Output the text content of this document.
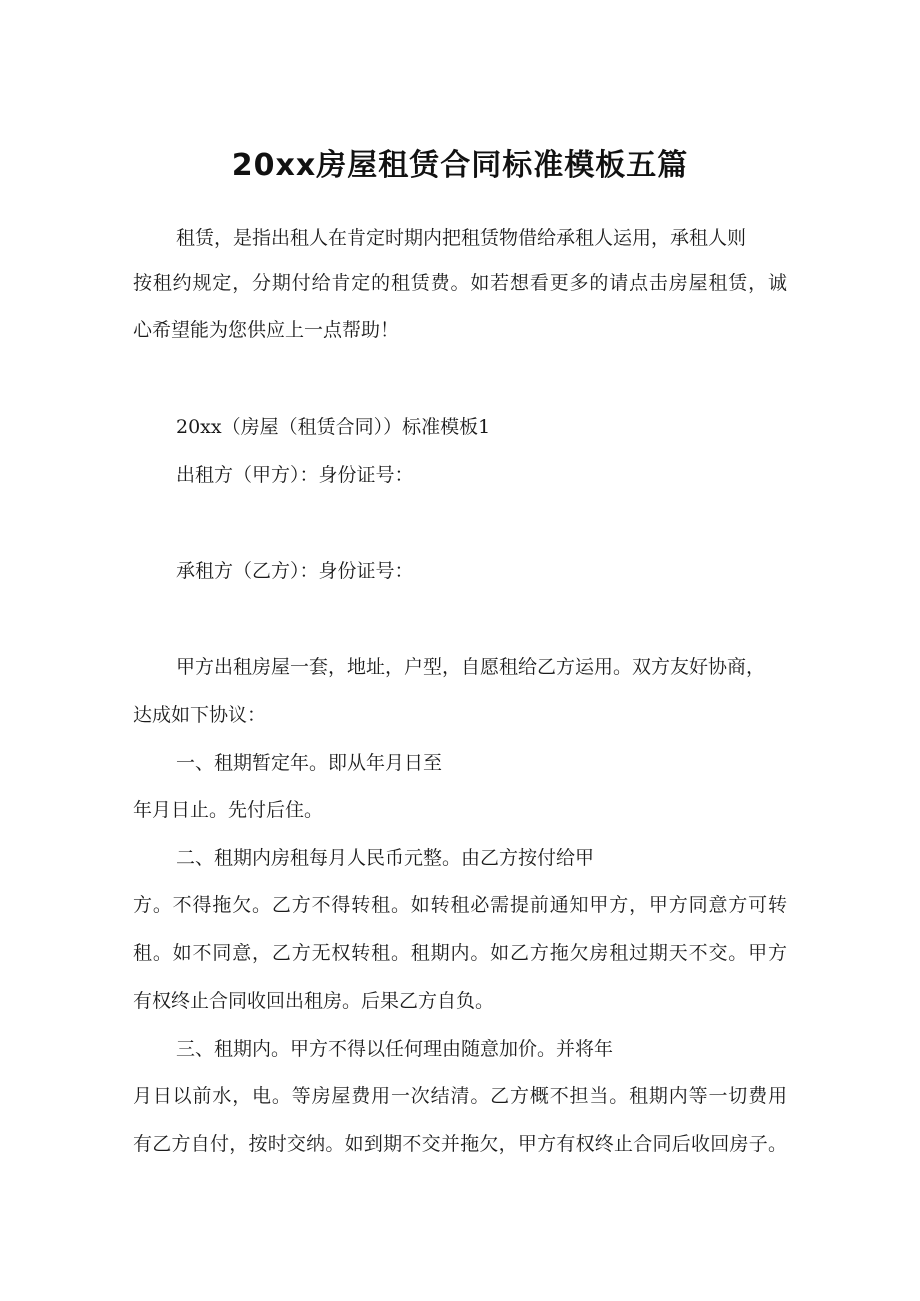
20xx房屋租赁合同标准模板五篇
租赁，是指出租人在肯定时期内把租赁物借给承租人运用，承租人则
按租约规定，分期付给肯定的租赁费。如若想看更多的请点击房屋租赁，诚
心希望能为您供应上一点帮助！
20xx（房屋（租赁合同））标准模板1
出租方（甲方）：身份证号：
承租方（乙方）：身份证号：
甲方出租房屋一套，地址，户型，自愿租给乙方运用。双方友好协商，
达成如下协议：
一、租期暂定年。即从年月日至
年月日止。先付后住。
二、租期内房租每月人民币元整。由乙方按付给甲
方。不得拖欠。乙方不得转租。如转租必需提前通知甲方，甲方同意方可转
租。如不同意，乙方无权转租。租期内。如乙方拖欠房租过期天不交。甲方
有权终止合同收回出租房。后果乙方自负。
三、租期内。甲方不得以任何理由随意加价。并将年
月日以前水，电。等房屋费用一次结清。乙方概不担当。租期内等一切费用
有乙方自付，按时交纳。如到期不交并拖欠，甲方有权终止合同后收回房子。
